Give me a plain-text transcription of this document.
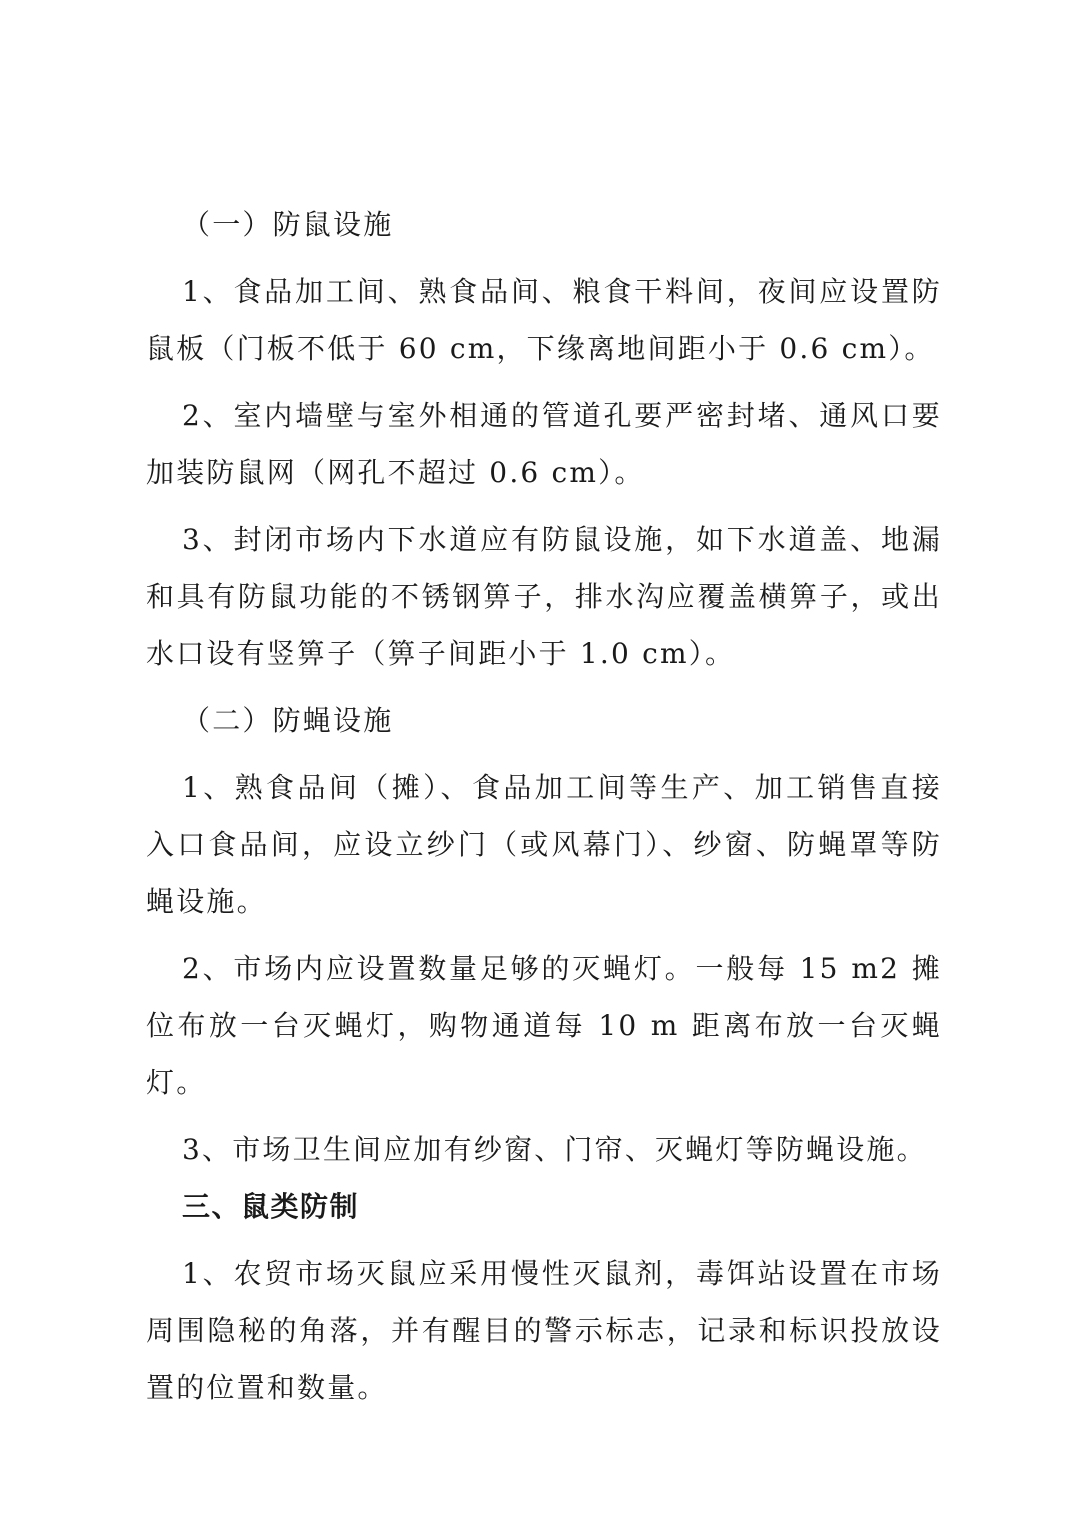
（一）防鼠设施

1、食品加工间、熟食品间、粮食干料间，夜间应设置防鼠板（门板不低于 60 cm，下缘离地间距小于 0.6 cm）。

2、室内墙壁与室外相通的管道孔要严密封堵、通风口要加装防鼠网（网孔不超过 0.6 cm）。

3、封闭市场内下水道应有防鼠设施，如下水道盖、地漏和具有防鼠功能的不锈钢箅子，排水沟应覆盖横箅子，或出水口设有竖箅子（箅子间距小于 1.0 cm）。

（二）防蝇设施

1、熟食品间（摊）、食品加工间等生产、加工销售直接入口食品间，应设立纱门（或风幕门）、纱窗、防蝇罩等防蝇设施。

2、市场内应设置数量足够的灭蝇灯。一般每 15 m2 摊位布放一台灭蝇灯，购物通道每 10 m 距离布放一台灭蝇灯。

3、市场卫生间应加有纱窗、门帘、灭蝇灯等防蝇设施。

三、鼠类防制

1、农贸市场灭鼠应采用慢性灭鼠剂，毒饵站设置在市场周围隐秘的角落，并有醒目的警示标志，记录和标识投放设置的位置和数量。
